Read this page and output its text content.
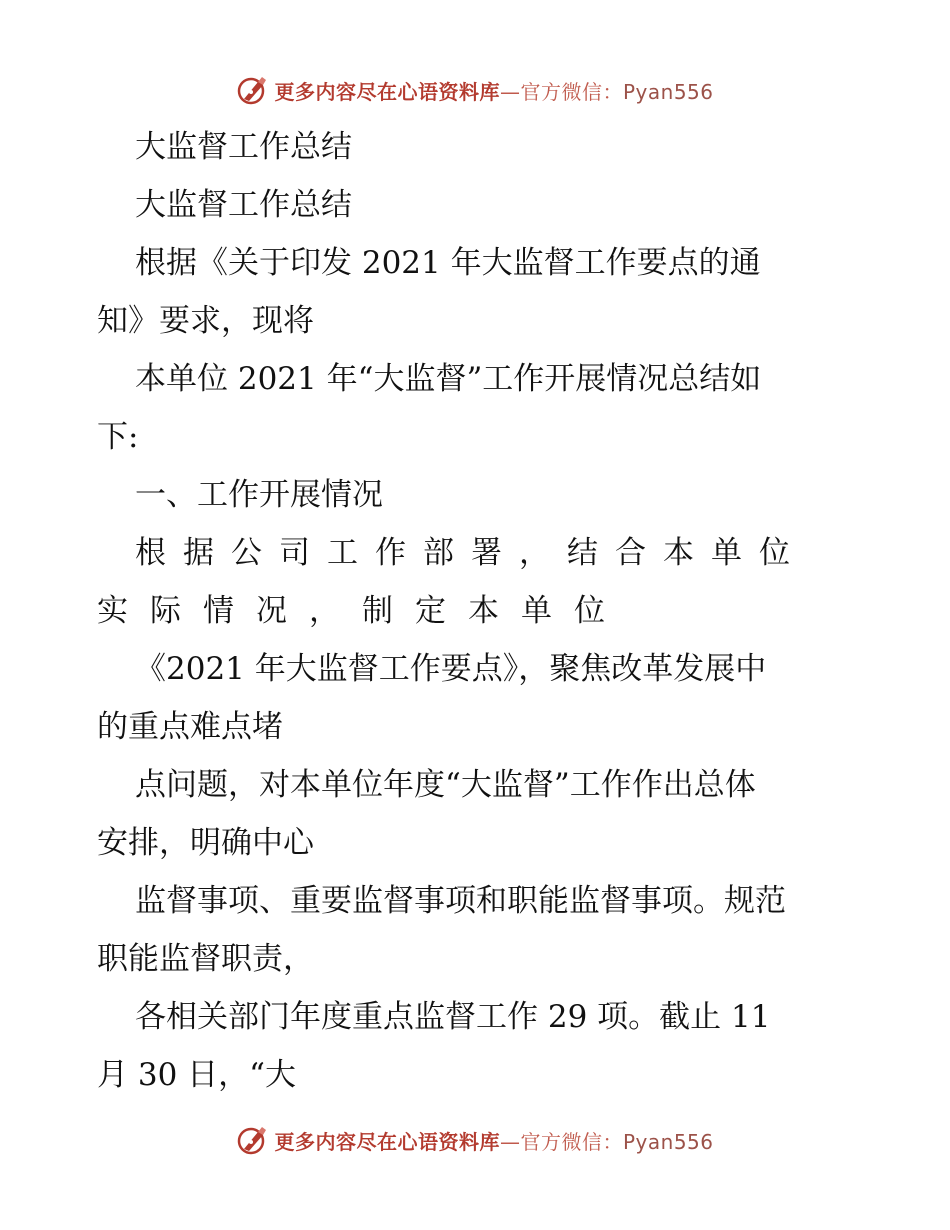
更多内容尽在心语资料库—官方微信：Pyan556
大监督工作总结
大监督工作总结
根据《关于印发 2021 年大监督工作要点的通
知》要求，现将
本单位 2021 年“大监督”工作开展情况总结如
下:
一、工作开展情况
根据公司工作部署，结合本单位
实际情况，制定本单位
《2021 年大监督工作要点》，聚焦改革发展中
的重点难点堵
点问题，对本单位年度“大监督”工作作出总体
安排，明确中心
监督事项、重要监督事项和职能监督事项。规范
职能监督职责，
各相关部门年度重点监督工作 29 项。截止 11
月 30 日，“大
更多内容尽在心语资料库—官方微信：Pyan556
